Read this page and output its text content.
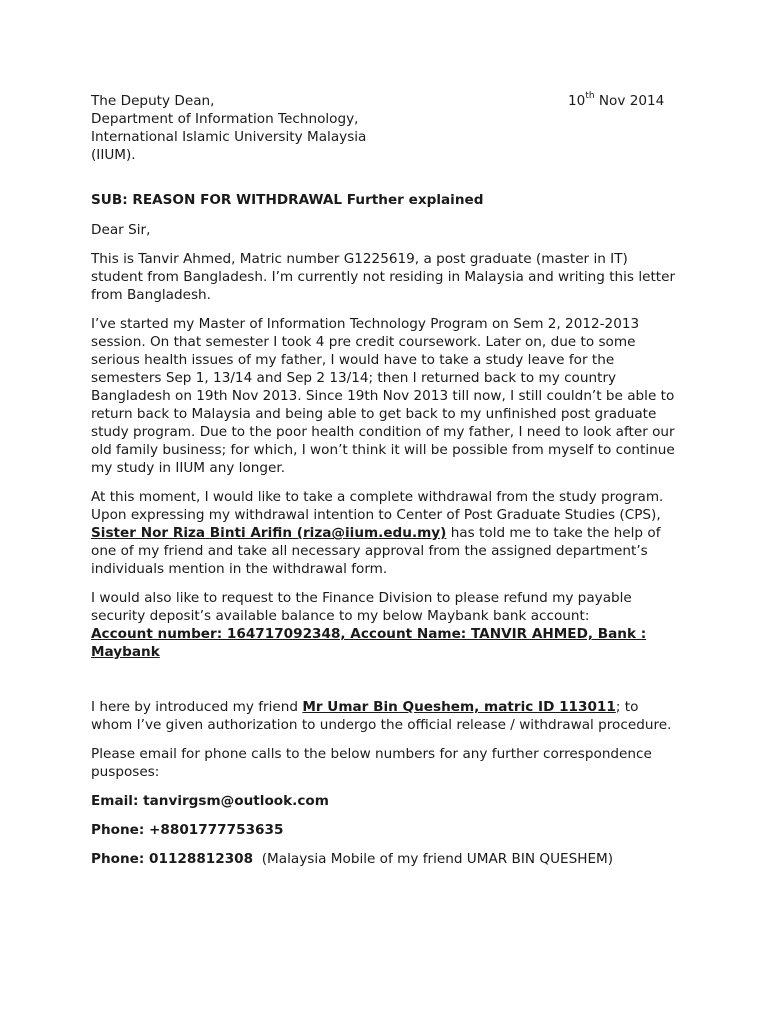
10th Nov 2014
The Deputy Dean,
Department of Information Technology,
International Islamic University Malaysia
(IIUM).

SUB: REASON FOR WITHDRAWAL Further explained

Dear Sir,

This is Tanvir Ahmed, Matric number G1225619, a post graduate (master in IT) student from Bangladesh. I’m currently not residing in Malaysia and writing this letter from Bangladesh.

I’ve started my Master of Information Technology Program on Sem 2, 2012-2013 session. On that semester I took 4 pre credit coursework. Later on, due to some serious health issues of my father, I would have to take a study leave for the semesters Sep 1, 13/14 and Sep 2 13/14; then I returned back to my country Bangladesh on 19th Nov 2013. Since 19th Nov 2013 till now, I still couldn’t be able to return back to Malaysia and being able to get back to my unfinished post graduate study program. Due to the poor health condition of my father, I need to look after our old family business; for which, I won’t think it will be possible from myself to continue my study in IIUM any longer.

At this moment, I would like to take a complete withdrawal from the study program. Upon expressing my withdrawal intention to Center of Post Graduate Studies (CPS), Sister Nor Riza Binti Arifin (riza@iium.edu.my) has told me to take the help of one of my friend and take all necessary approval from the assigned department’s individuals mention in the withdrawal form.

I would also like to request to the Finance Division to please refund my payable security deposit’s available balance to my below Maybank bank account:
Account number: 164717092348, Account Name: TANVIR AHMED, Bank : Maybank

I here by introduced my friend Mr Umar Bin Queshem, matric ID 113011; to whom I’ve given authorization to undergo the official release / withdrawal procedure.

Please email for phone calls to the below numbers for any further correspondence pusposes:

Email: tanvirgsm@outlook.com

Phone: +8801777753635

Phone: 01128812308 (Malaysia Mobile of my friend UMAR BIN QUESHEM)
